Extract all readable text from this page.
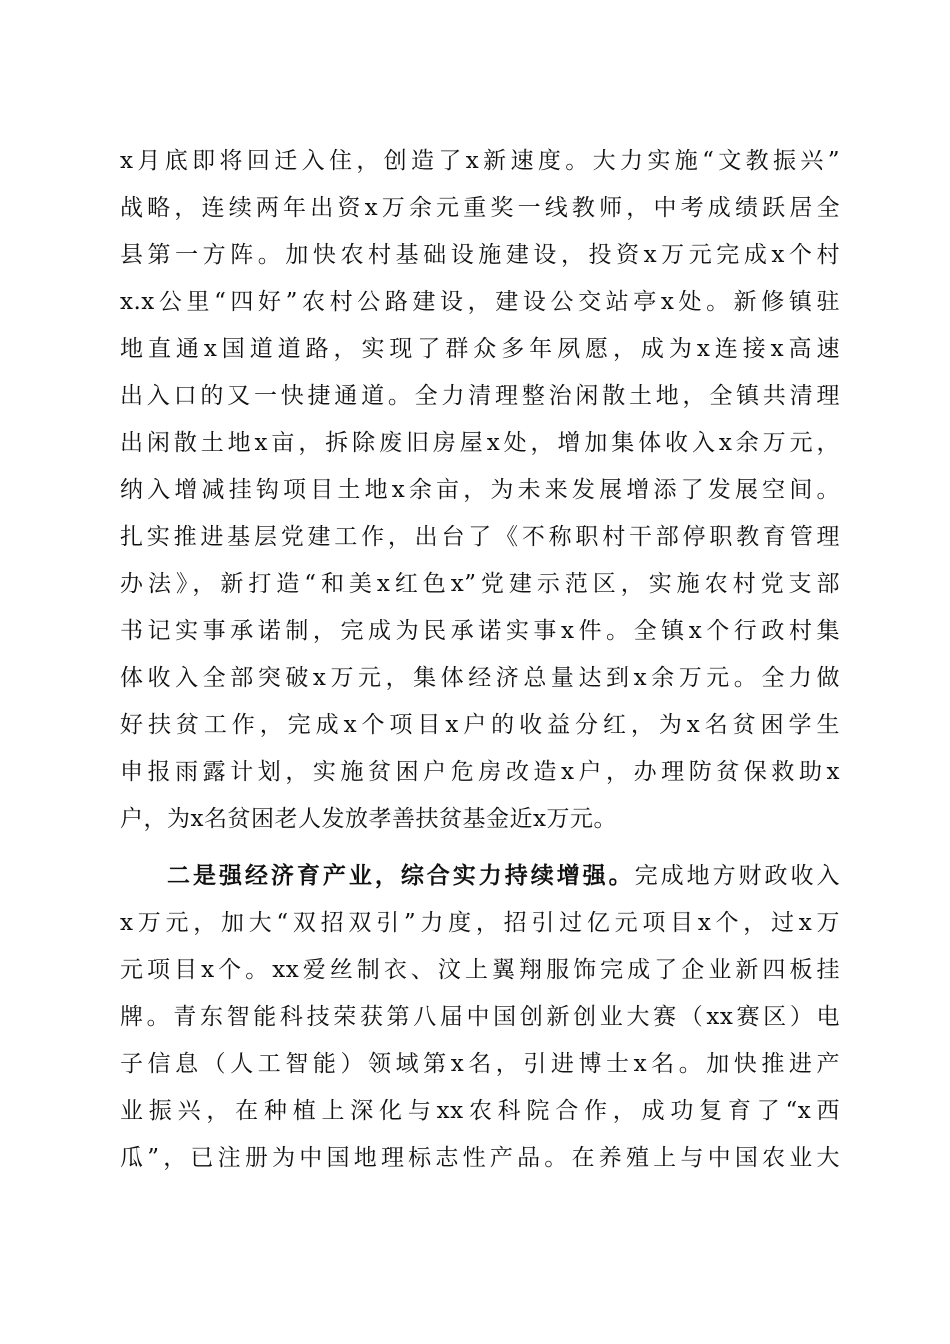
x月底即将回迁入住，创造了x新速度。大力实施“文教振兴”
战略，连续两年出资x万余元重奖一线教师，中考成绩跃居全
县第一方阵。加快农村基础设施建设，投资x万元完成x个村
x.x公里“四好”农村公路建设，建设公交站亭x处。新修镇驻
地直通x国道道路，实现了群众多年夙愿，成为x连接x高速
出入口的又一快捷通道。全力清理整治闲散土地，全镇共清理
出闲散土地x亩，拆除废旧房屋x处，增加集体收入x余万元，
纳入增减挂钩项目土地x余亩，为未来发展增添了发展空间。
扎实推进基层党建工作，出台了《不称职村干部停职教育管理
办法》，新打造“和美x红色x”党建示范区，实施农村党支部
书记实事承诺制，完成为民承诺实事x件。全镇x个行政村集
体收入全部突破x万元，集体经济总量达到x余万元。全力做
好扶贫工作，完成x个项目x户的收益分红，为x名贫困学生
申报雨露计划，实施贫困户危房改造x户，办理防贫保救助x
户，为x名贫困老人发放孝善扶贫基金近x万元。
二是强经济育产业，综合实力持续增强。完成地方财政收入
x万元，加大“双招双引”力度，招引过亿元项目x个，过x万
元项目x个。xx爱丝制衣、汶上翼翔服饰完成了企业新四板挂
牌。青东智能科技荣获第八届中国创新创业大赛（xx赛区）电
子信息（人工智能）领域第x名，引进博士x名。加快推进产
业振兴，在种植上深化与xx农科院合作，成功复育了“x西
瓜”，已注册为中国地理标志性产品。在养殖上与中国农业大
